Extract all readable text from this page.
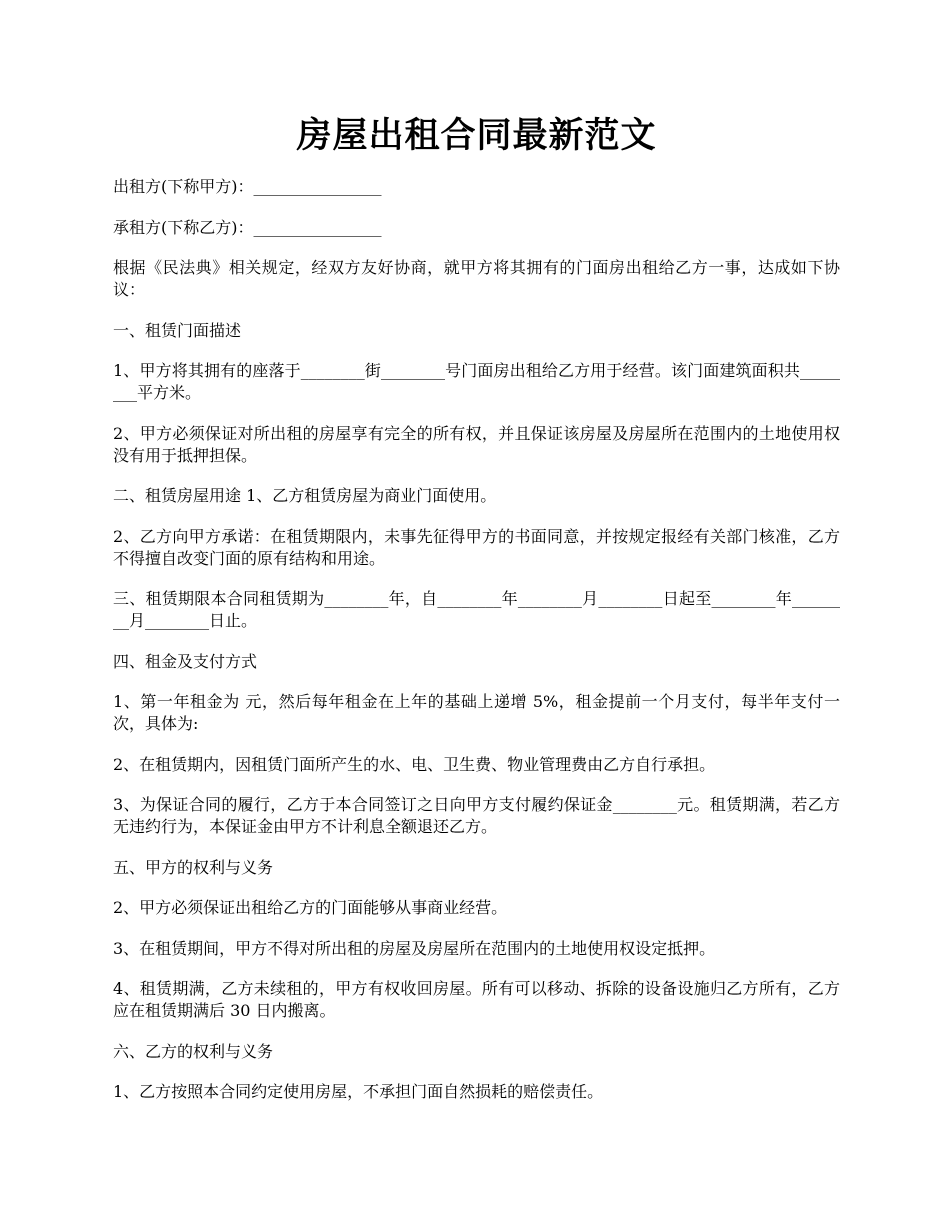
房屋出租合同最新范文

出租方(下称甲方)：________________

承租方(下称乙方)：________________

根据《民法典》相关规定，经双方友好协商，就甲方将其拥有的门面房出租给乙方一事，达成如下协议：

一、租赁门面描述

1、甲方将其拥有的座落于________街________号门面房出租给乙方用于经营。该门面建筑面积共________平方米。

2、甲方必须保证对所出租的房屋享有完全的所有权，并且保证该房屋及房屋所在范围内的土地使用权没有用于抵押担保。

二、租赁房屋用途 1、乙方租赁房屋为商业门面使用。

2、乙方向甲方承诺：在租赁期限内，未事先征得甲方的书面同意，并按规定报经有关部门核准，乙方不得擅自改变门面的原有结构和用途。

三、租赁期限本合同租赁期为________年，自________年________月________日起至________年________月________日止。

四、租金及支付方式

1、第一年租金为 元，然后每年租金在上年的基础上递增 5%，租金提前一个月支付，每半年支付一次，具体为:

2、在租赁期内，因租赁门面所产生的水、电、卫生费、物业管理费由乙方自行承担。

3、为保证合同的履行，乙方于本合同签订之日向甲方支付履约保证金________元。租赁期满，若乙方无违约行为，本保证金由甲方不计利息全额退还乙方。

五、甲方的权利与义务

2、甲方必须保证出租给乙方的门面能够从事商业经营。

3、在租赁期间，甲方不得对所出租的房屋及房屋所在范围内的土地使用权设定抵押。

4、租赁期满，乙方未续租的，甲方有权收回房屋。所有可以移动、拆除的设备设施归乙方所有，乙方应在租赁期满后 30 日内搬离。

六、乙方的权利与义务

1、乙方按照本合同约定使用房屋，不承担门面自然损耗的赔偿责任。
